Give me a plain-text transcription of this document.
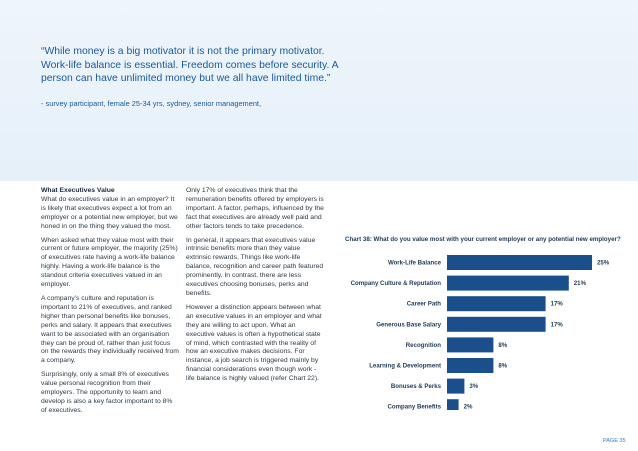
“While money is a big motivator it is not the primary motivator. Work-life balance is essential. Freedom comes before security. A person can have unlimited money but we all have limited time.”
- survey participant, female 25-34 yrs, sydney, senior management,

What Executives Value

What do executives value in an employer? It is likely that executives expect a lot from an employer or a potential new employer, but we honed in on the thing they valued the most.

When asked what they value most with their current or future employer, the majority (25%) of executives rate having a work-life balance highly. Having a work-life balance is the standout criteria executives valued in an employer.

A company’s culture and reputation is important to 21% of executives, and ranked higher than personal benefits like bonuses, perks and salary. It appears that executives want to be associated with an organisation they can be proud of, rather than just focus on the rewards they individually received from a company.

Surprisingly, only a small 8% of executives value personal recognition from their employers. The opportunity to learn and develop is also a key factor important to 8% of executives.

Only 17% of executives think that the remuneration benefits offered by employers is important. A factor, perhaps, influenced by the fact that executives are already well paid and other factors tends to take precedence.

In general, it appears that executives value intrinsic benefits more than they value extrinsic rewards. Things like work-life balance, recognition and career path featured prominently. In contrast, there are less executives choosing bonuses, perks and benefits.

However a distinction appears between what an executive values in an employer and what they are willing to act upon. What an executive values is often a hypothetical state of mind, which contrasted with the reality of how an executive makes decisions. For instance, a job search is triggered mainly by financial considerations even though work -life balance is highly valued (refer Chart 22).

Chart 38: What do you value most with your current employer or any potential new employer?
Work-Life Balance	25%
Company Culture & Reputation	21%
Career Path	17%
Generous Base Salary	17%
Recognition	8%
Learning & Development	8%
Bonuses & Perks	3%
Company Benefits	2%
PAGE 35
